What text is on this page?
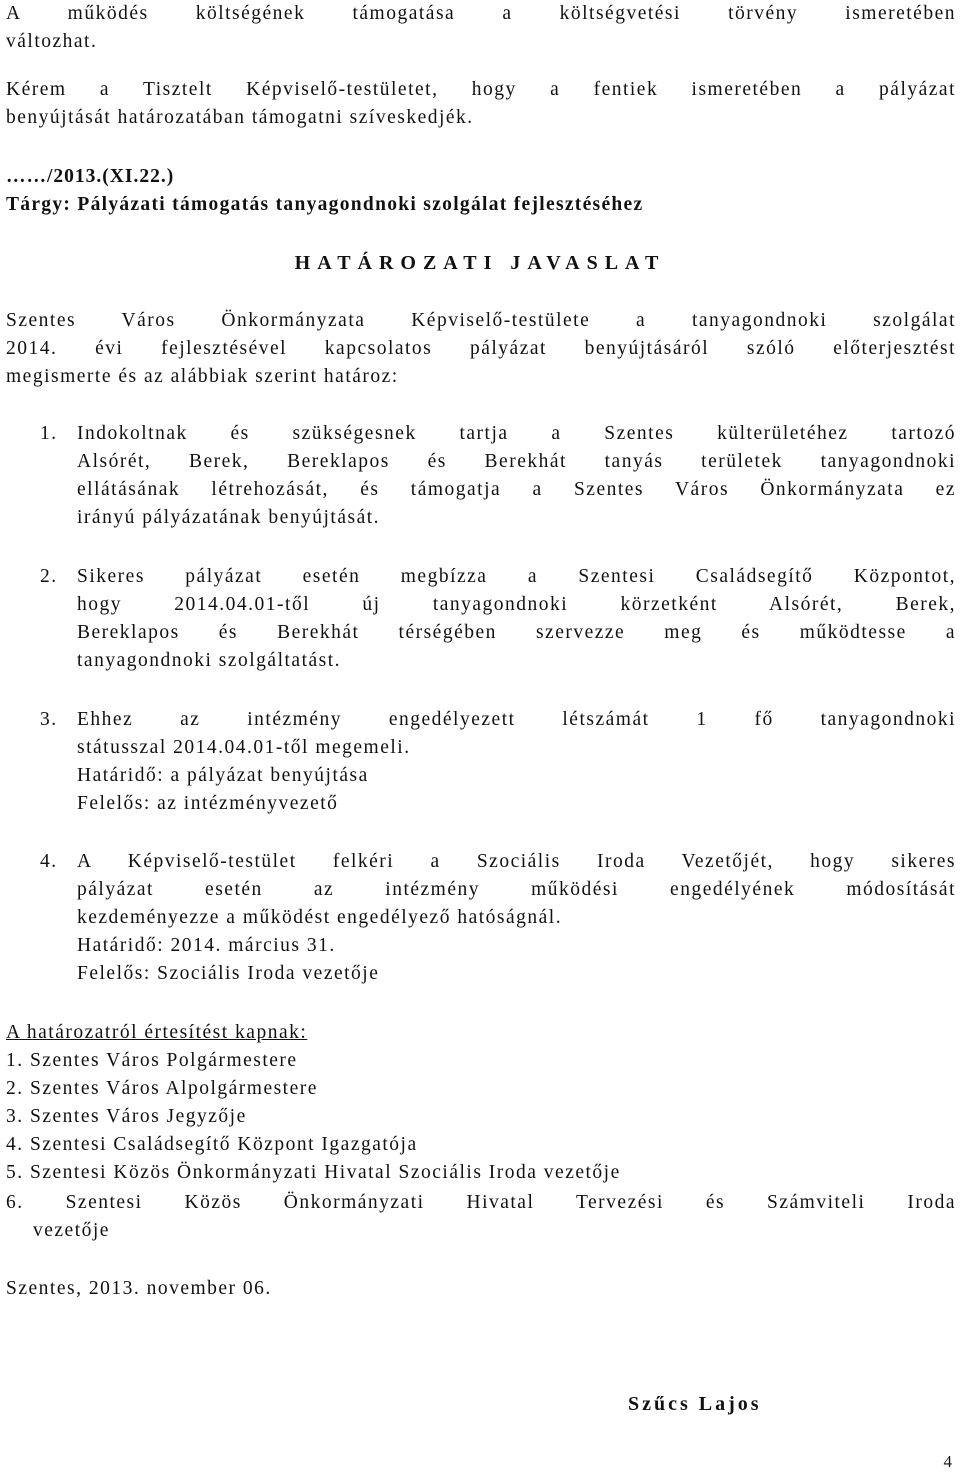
A működés költségének támogatása a költségvetési törvény ismeretében
változhat.
Kérem a Tisztelt Képviselő-testületet, hogy a fentiek ismeretében a pályázat
benyújtását határozatában támogatni szíveskedjék.
……/2013.(XI.22.)
Tárgy: Pályázati támogatás tanyagondnoki szolgálat fejlesztéséhez
HATÁROZATI JAVASLAT
Szentes Város Önkormányzata Képviselő-testülete a tanyagondnoki szolgálat
2014. évi fejlesztésével kapcsolatos pályázat benyújtásáról szóló előterjesztést
megismerte és az alábbiak szerint határoz:
1. Indokoltnak és szükségesnek tartja a Szentes külterületéhez tartozó
Alsórét, Berek, Bereklapos és Berekhát tanyás területek tanyagondnoki
ellátásának létrehozását, és támogatja a Szentes Város Önkormányzata ez
irányú pályázatának benyújtását.
2. Sikeres pályázat esetén megbízza a Szentesi Családsegítő Központot,
hogy 2014.04.01-től új tanyagondnoki körzetként Alsórét, Berek,
Bereklapos és Berekhát térségében szervezze meg és működtesse a
tanyagondnoki szolgáltatást.
3. Ehhez az intézmény engedélyezett létszámát 1 fő tanyagondnoki
státusszal 2014.04.01-től megemeli.
Határidő: a pályázat benyújtása
Felelős: az intézményvezető
4. A Képviselő-testület felkéri a Szociális Iroda Vezetőjét, hogy sikeres
pályázat esetén az intézmény működési engedélyének módosítását
kezdeményezze a működést engedélyező hatóságnál.
Határidő: 2014. március 31.
Felelős: Szociális Iroda vezetője
A határozatról értesítést kapnak:
1. Szentes Város Polgármestere
2. Szentes Város Alpolgármestere
3. Szentes Város Jegyzője
4. Szentesi Családsegítő Központ Igazgatója
5. Szentesi Közös Önkormányzati Hivatal Szociális Iroda vezetője
6. Szentesi Közös Önkormányzati Hivatal Tervezési és Számviteli Iroda
vezetője
Szentes, 2013. november 06.
Szűcs Lajos
4
